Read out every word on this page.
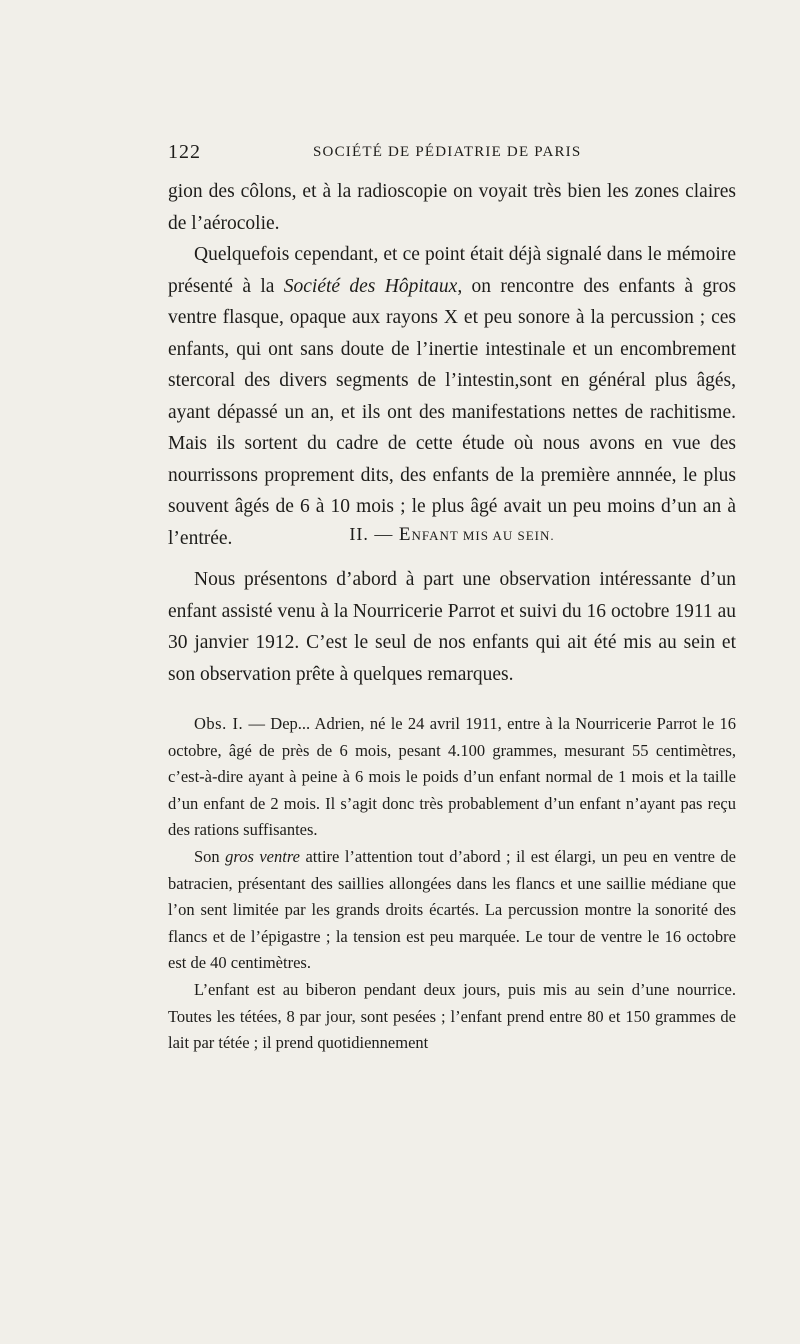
122	SOCIÉTÉ DE PÉDIATRIE DE PARIS

gion des côlons, et à la radioscopie on voyait très bien les zones claires de l’aérocolie.

Quelquefois cependant, et ce point était déjà signalé dans le mémoire présenté à la Société des Hôpitaux, on rencontre des enfants à gros ventre flasque, opaque aux rayons X et peu sonore à la percussion ; ces enfants, qui ont sans doute de l’inertie intestinale et un encombrement stercoral des divers segments de l’intestin,sont en général plus âgés, ayant dépassé un an, et ils ont des manifestations nettes de rachitisme. Mais ils sortent du cadre de cette étude où nous avons en vue des nourrissons proprement dits, des enfants de la première annnée, le plus souvent âgés de 6 à 10 mois ; le plus âgé avait un peu moins d’un an à l’entrée.	II. — ENFANT MIS AU SEIN.

Nous présentons d’abord à part une observation intéressante d’un enfant assisté venu à la Nourricerie Parrot et suivi du 16 octobre 1911 au 30 janvier 1912. C’est le seul de nos enfants qui ait été mis au sein et son observation prête à quelques remarques.

Obs. I. — Dep... Adrien, né le 24 avril 1911, entre à la Nourricerie Parrot le 16 octobre, âgé de près de 6 mois, pesant 4.100 grammes, mesurant 55 centimètres, c’est-à-dire ayant à peine à 6 mois le poids d’un enfant normal de 1 mois et la taille d’un enfant de 2 mois. Il s’agit donc très probablement d’un enfant n’ayant pas reçu des rations suffisantes.

Son gros ventre attire l’attention tout d’abord ; il est élargi, un peu en ventre de batracien, présentant des saillies allongées dans les flancs et une saillie médiane que l’on sent limitée par les grands droits écartés. La percussion montre la sonorité des flancs et de l’épigastre ; la tension est peu marquée. Le tour de ventre le 16 octobre est de 40 centimètres.

L’enfant est au biberon pendant deux jours, puis mis au sein d’une nourrice. Toutes les tétées, 8 par jour, sont pesées ; l’enfant prend entre 80 et 150 grammes de lait par tétée ; il prend quotidiennement
